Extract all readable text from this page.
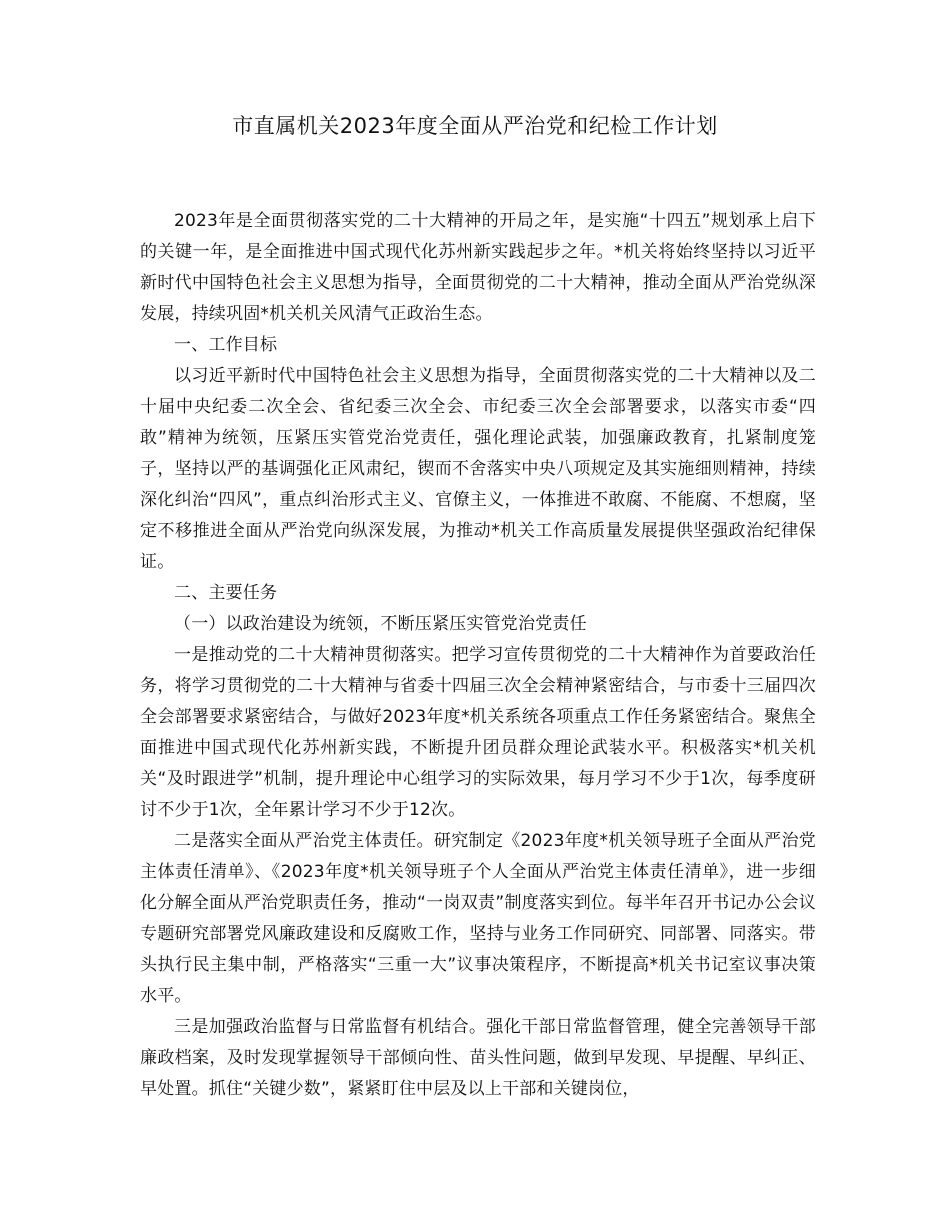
市直属机关2023年度全面从严治党和纪检工作计划

2023年是全面贯彻落实党的二十大精神的开局之年，是实施“十四五”规划承上启下的关键一年，是全面推进中国式现代化苏州新实践起步之年。*机关将始终坚持以习近平新时代中国特色社会主义思想为指导，全面贯彻党的二十大精神，推动全面从严治党纵深发展，持续巩固*机关机关风清气正政治生态。

一、工作目标

以习近平新时代中国特色社会主义思想为指导，全面贯彻落实党的二十大精神以及二十届中央纪委二次全会、省纪委三次全会、市纪委三次全会部署要求，以落实市委“四敢”精神为统领，压紧压实管党治党责任，强化理论武装，加强廉政教育，扎紧制度笼子，坚持以严的基调强化正风肃纪，锲而不舍落实中央八项规定及其实施细则精神，持续深化纠治“四风”，重点纠治形式主义、官僚主义，一体推进不敢腐、不能腐、不想腐，坚定不移推进全面从严治党向纵深发展，为推动*机关工作高质量发展提供坚强政治纪律保证。

二、主要任务

（一）以政治建设为统领，不断压紧压实管党治党责任

一是推动党的二十大精神贯彻落实。把学习宣传贯彻党的二十大精神作为首要政治任务，将学习贯彻党的二十大精神与省委十四届三次全会精神紧密结合，与市委十三届四次全会部署要求紧密结合，与做好2023年度*机关系统各项重点工作任务紧密结合。聚焦全面推进中国式现代化苏州新实践，不断提升团员群众理论武装水平。积极落实*机关机关“及时跟进学”机制，提升理论中心组学习的实际效果，每月学习不少于1次，每季度研讨不少于1次，全年累计学习不少于12次。

二是落实全面从严治党主体责任。研究制定《2023年度*机关领导班子全面从严治党主体责任清单》、《2023年度*机关领导班子个人全面从严治党主体责任清单》，进一步细化分解全面从严治党职责任务，推动“一岗双责”制度落实到位。每半年召开书记办公会议专题研究部署党风廉政建设和反腐败工作，坚持与业务工作同研究、同部署、同落实。带头执行民主集中制，严格落实“三重一大”议事决策程序，不断提高*机关书记室议事决策水平。

三是加强政治监督与日常监督有机结合。强化干部日常监督管理，健全完善领导干部廉政档案，及时发现掌握领导干部倾向性、苗头性问题，做到早发现、早提醒、早纠正、早处置。抓住“关键少数”，紧紧盯住中层及以上干部和关键岗位，
